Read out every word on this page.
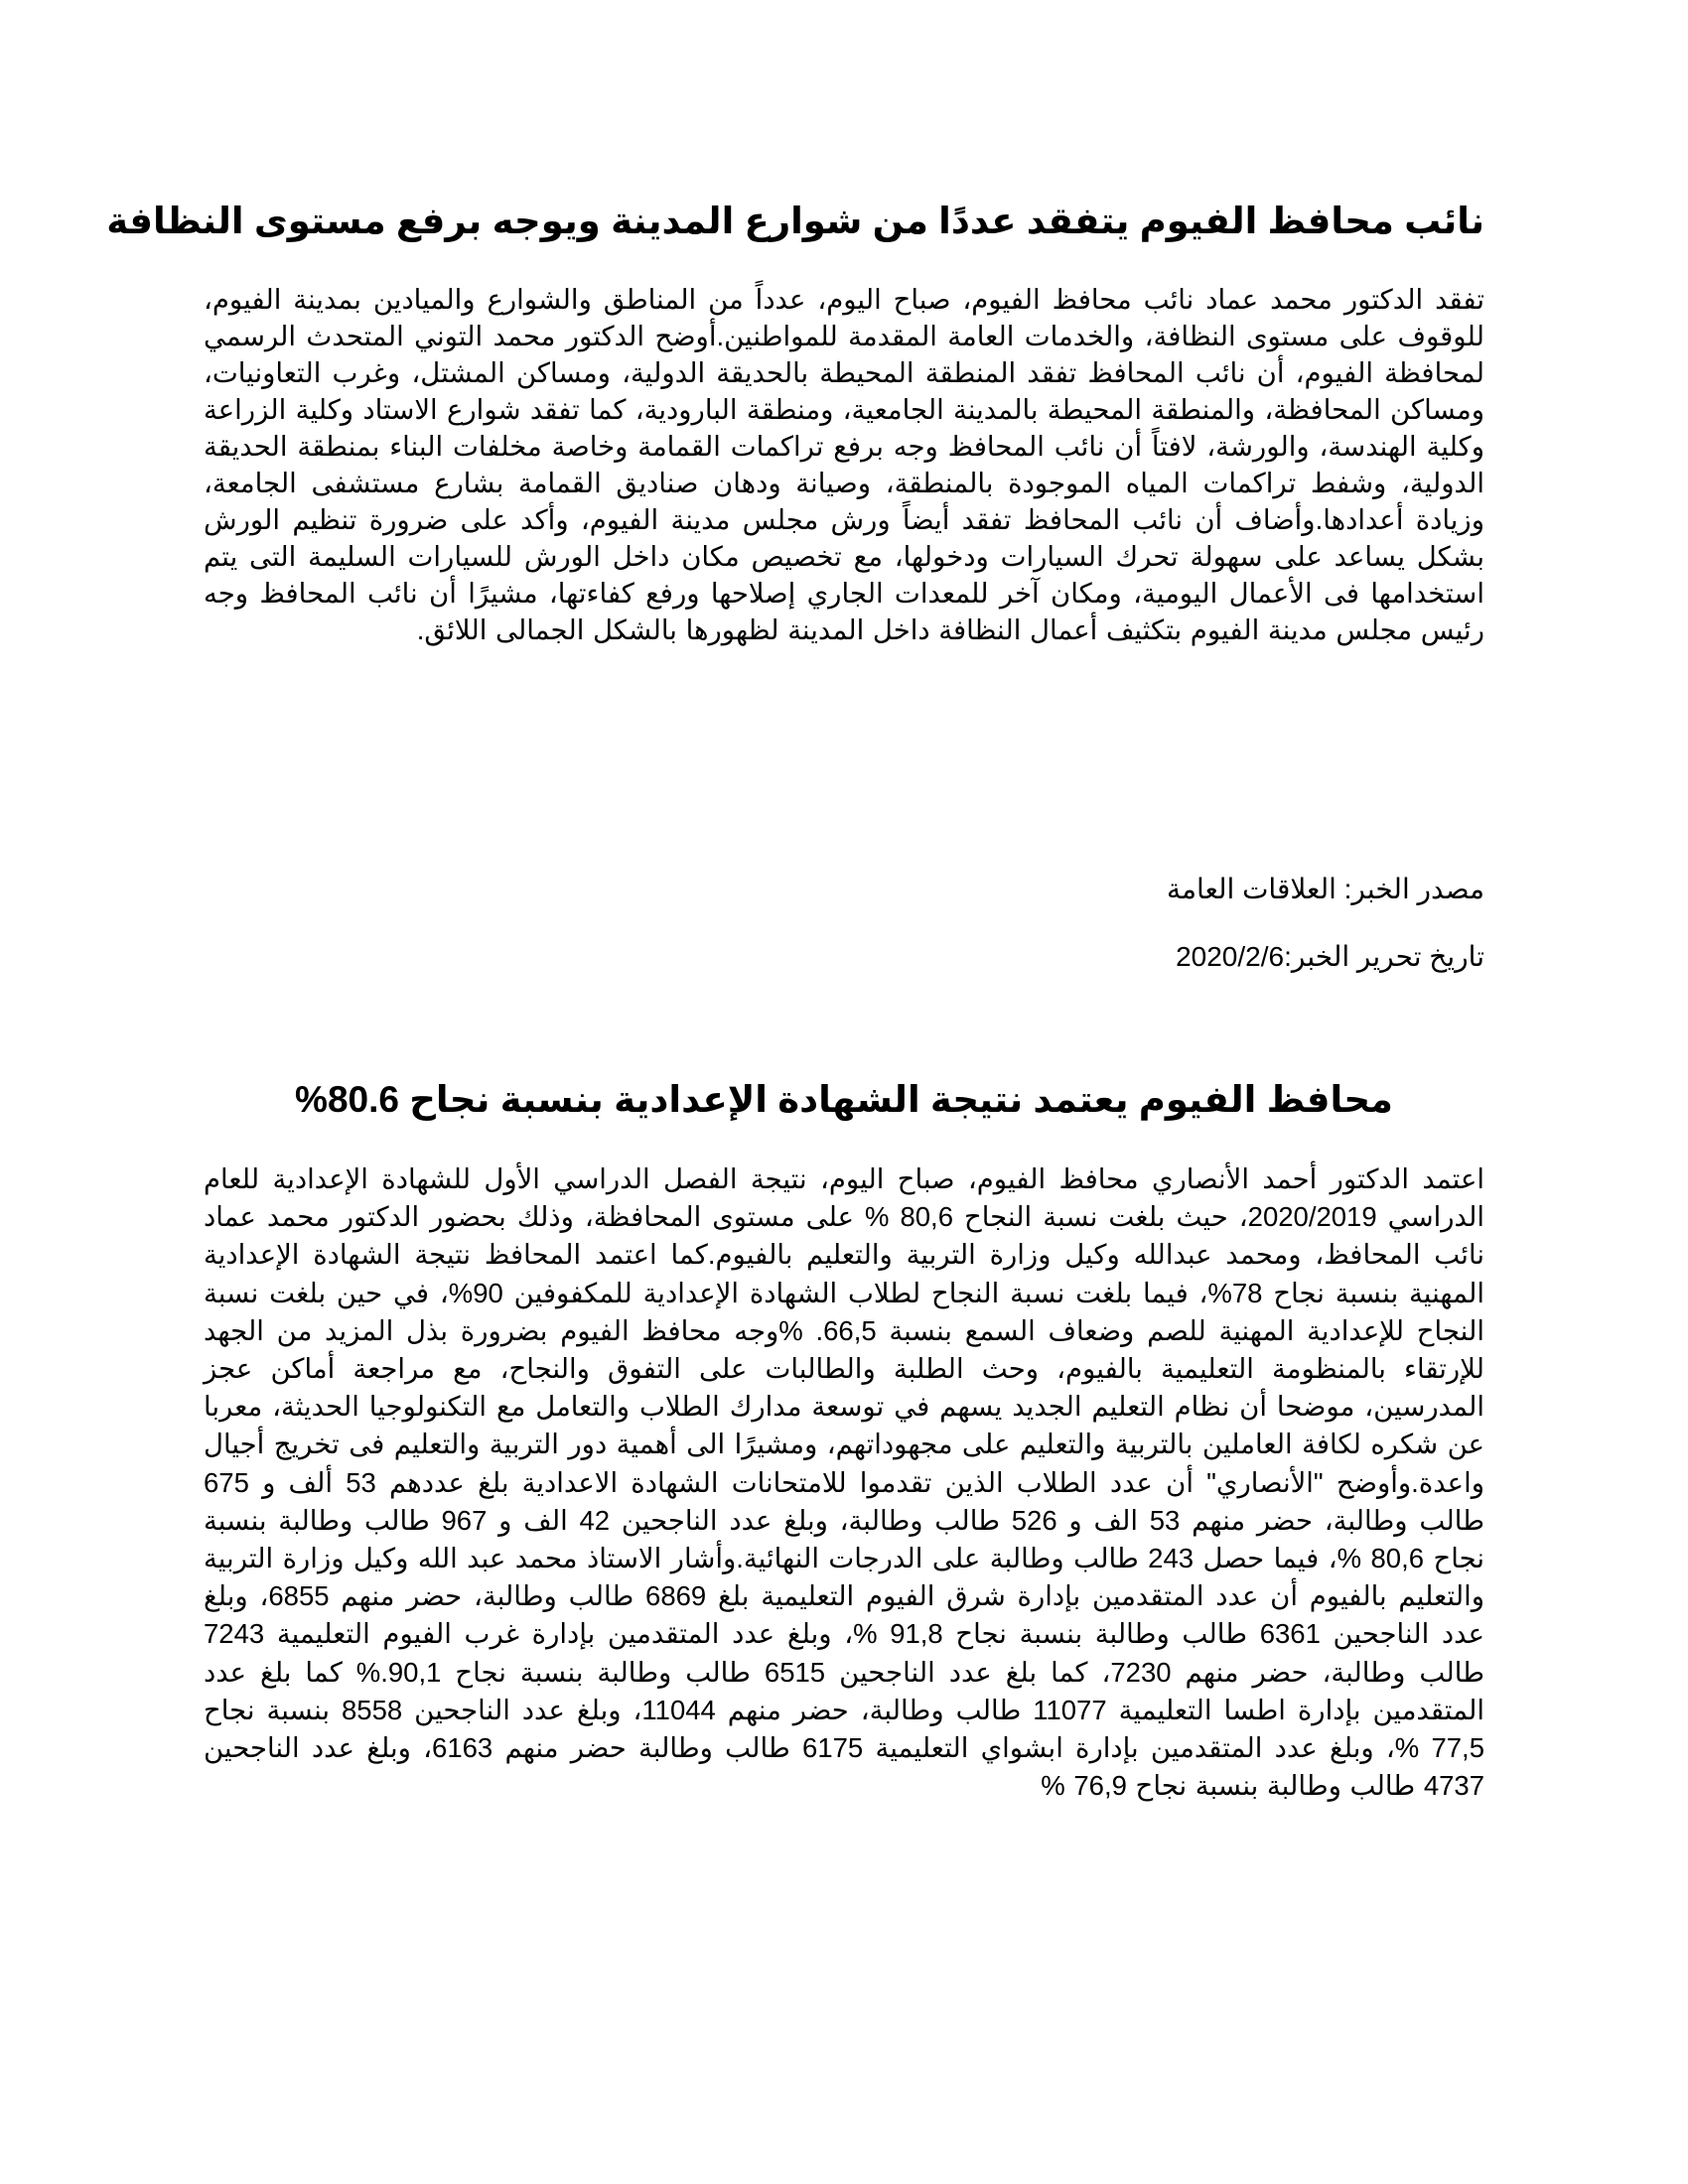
نائب محافظ الفيوم يتفقد عددًا من شوارع المدينة ويوجه برفع مستوى النظافة

تفقد الدكتور محمد عماد نائب محافظ الفيوم، صباح اليوم، عدداً من المناطق والشوارع والميادين بمدينة الفيوم، للوقوف على مستوى النظافة، والخدمات العامة المقدمة للمواطنين.أوضح الدكتور محمد التوني المتحدث الرسمي لمحافظة الفيوم، أن نائب المحافظ تفقد المنطقة المحيطة بالحديقة الدولية، ومساكن المشتل، وغرب التعاونيات، ومساكن المحافظة، والمنطقة المحيطة بالمدينة الجامعية، ومنطقة البارودية، كما تفقد شوارع الاستاد وكلية الزراعة وكلية الهندسة، والورشة، لافتاً أن نائب المحافظ وجه برفع تراكمات القمامة وخاصة مخلفات البناء بمنطقة الحديقة الدولية، وشفط تراكمات المياه الموجودة بالمنطقة، وصيانة ودهان صناديق القمامة بشارع مستشفى الجامعة، وزيادة أعدادها.وأضاف أن نائب المحافظ تفقد أيضاً ورش مجلس مدينة الفيوم، وأكد على ضرورة تنظيم الورش بشكل يساعد على سهولة تحرك السيارات ودخولها، مع تخصيص مكان داخل الورش للسيارات السليمة التى يتم استخدامها فى الأعمال اليومية، ومكان آخر للمعدات الجاري إصلاحها ورفع كفاءتها، مشيرًا أن نائب المحافظ وجه رئيس مجلس مدينة الفيوم بتكثيف أعمال النظافة داخل المدينة لظهورها بالشكل الجمالى اللائق.

مصدر الخبر: العلاقات العامة
تاريخ تحرير الخبر:2020/2/6
محافظ الفيوم يعتمد نتيجة الشهادة الإعدادية بنسبة نجاح 80.6%

اعتمد الدكتور أحمد الأنصاري محافظ الفيوم، صباح اليوم، نتيجة الفصل الدراسي الأول للشهادة الإعدادية للعام الدراسي 2020/2019، حيث بلغت نسبة النجاح 80,6 % على مستوى المحافظة، وذلك بحضور الدكتور محمد عماد نائب المحافظ، ومحمد عبدالله وكيل وزارة التربية والتعليم بالفيوم.كما اعتمد المحافظ نتيجة الشهادة الإعدادية المهنية بنسبة نجاح 78%، فيما بلغت نسبة النجاح لطلاب الشهادة الإعدادية للمكفوفين 90%، في حين بلغت نسبة النجاح للإعدادية المهنية للصم وضعاف السمع بنسبة 66,5. %وجه محافظ الفيوم بضرورة بذل المزيد من الجهد للإرتقاء بالمنظومة التعليمية بالفيوم، وحث الطلبة والطالبات على التفوق والنجاح، مع مراجعة أماكن عجز المدرسين، موضحا أن نظام التعليم الجديد يسهم في توسعة مدارك الطلاب والتعامل مع التكنولوجيا الحديثة، معربا عن شكره لكافة العاملين بالتربية والتعليم على مجهوداتهم، ومشيرًا الى أهمية دور التربية والتعليم فى تخريج أجيال واعدة.وأوضح "الأنصاري" أن عدد الطلاب الذين تقدموا للامتحانات الشهادة الاعدادية بلغ عددهم 53 ألف و 675 طالب وطالبة، حضر منهم 53 الف و 526 طالب وطالبة، وبلغ عدد الناجحين 42 الف و 967 طالب وطالبة بنسبة نجاح 80,6 %، فيما حصل 243 طالب وطالبة على الدرجات النهائية.وأشار الاستاذ محمد عبد الله وكيل وزارة التربية والتعليم بالفيوم أن عدد المتقدمين بإدارة شرق الفيوم التعليمية بلغ 6869 طالب وطالبة، حضر منهم 6855، وبلغ عدد الناجحين 6361 طالب وطالبة بنسبة نجاح 91,8 %، وبلغ عدد المتقدمين بإدارة غرب الفيوم التعليمية 7243 طالب وطالبة، حضر منهم 7230، كما بلغ عدد الناجحين 6515 طالب وطالبة بنسبة نجاح 90,1.% كما بلغ عدد المتقدمين بإدارة اطسا التعليمية 11077 طالب وطالبة، حضر منهم 11044، وبلغ عدد الناجحين 8558 بنسبة نجاح 77,5 %، وبلغ عدد المتقدمين بإدارة ابشواي التعليمية 6175 طالب وطالبة حضر منهم 6163، وبلغ عدد الناجحين 4737 طالب وطالبة بنسبة نجاح 76,9 %
